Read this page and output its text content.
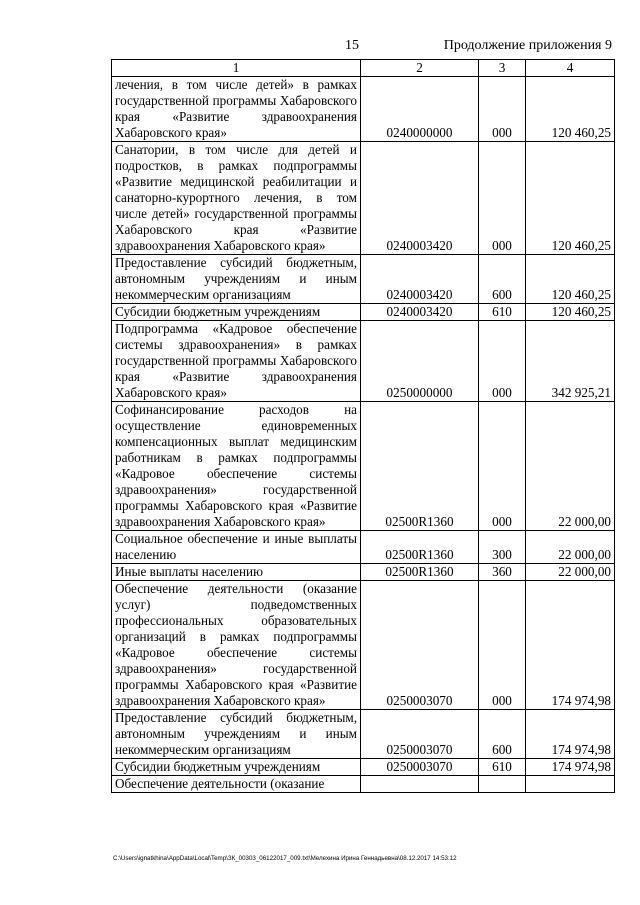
15	Продолжение приложения 9
1	2	3	4
лечения, в том числе детей» в рамках государственной программы Хабаровского края «Развитие здравоохранения Хабаровского края»	0240000000	000	120 460,25
Санатории, в том числе для детей и подростков, в рамках подпрограммы «Развитие медицинской реабилитации и санаторно-курортного лечения, в том числе детей» государственной программы Хабаровского края «Развитие здравоохранения Хабаровского края»	0240003420	000	120 460,25
Предоставление субсидий бюджетным, автономным учреждениям и иным некоммерческим организациям	0240003420	600	120 460,25
Субсидии бюджетным учреждениям	0240003420	610	120 460,25
Подпрограмма «Кадровое обеспечение системы здравоохранения» в рамках государственной программы Хабаровского края «Развитие здравоохранения Хабаровского края»	0250000000	000	342 925,21
Софинансирование расходов на осуществление единовременных компенсационных выплат медицинским работникам в рамках подпрограммы «Кадровое обеспечение системы здравоохранения» государственной программы Хабаровского края «Развитие здравоохранения Хабаровского края»	02500R1360	000	22 000,00
Социальное обеспечение и иные выплаты населению	02500R1360	300	22 000,00
Иные выплаты населению	02500R1360	360	22 000,00
Обеспечение деятельности (оказание услуг) подведомственных профессиональных образовательных организаций в рамках подпрограммы «Кадровое обеспечение системы здравоохранения» государственной программы Хабаровского края «Развитие здравоохранения Хабаровского края»	0250003070	000	174 974,98
Предоставление субсидий бюджетным, автономным учреждениям и иным некоммерческим организациям	0250003070	600	174 974,98
Субсидии бюджетным учреждениям	0250003070	610	174 974,98
Обеспечение деятельности (оказание			
C:\Users\ignatkhina\AppData\Local\Temp\ЗК_00303_06122017_009.txt\Мелехина Ирина Геннадьевна\08.12.2017 14:53:12
